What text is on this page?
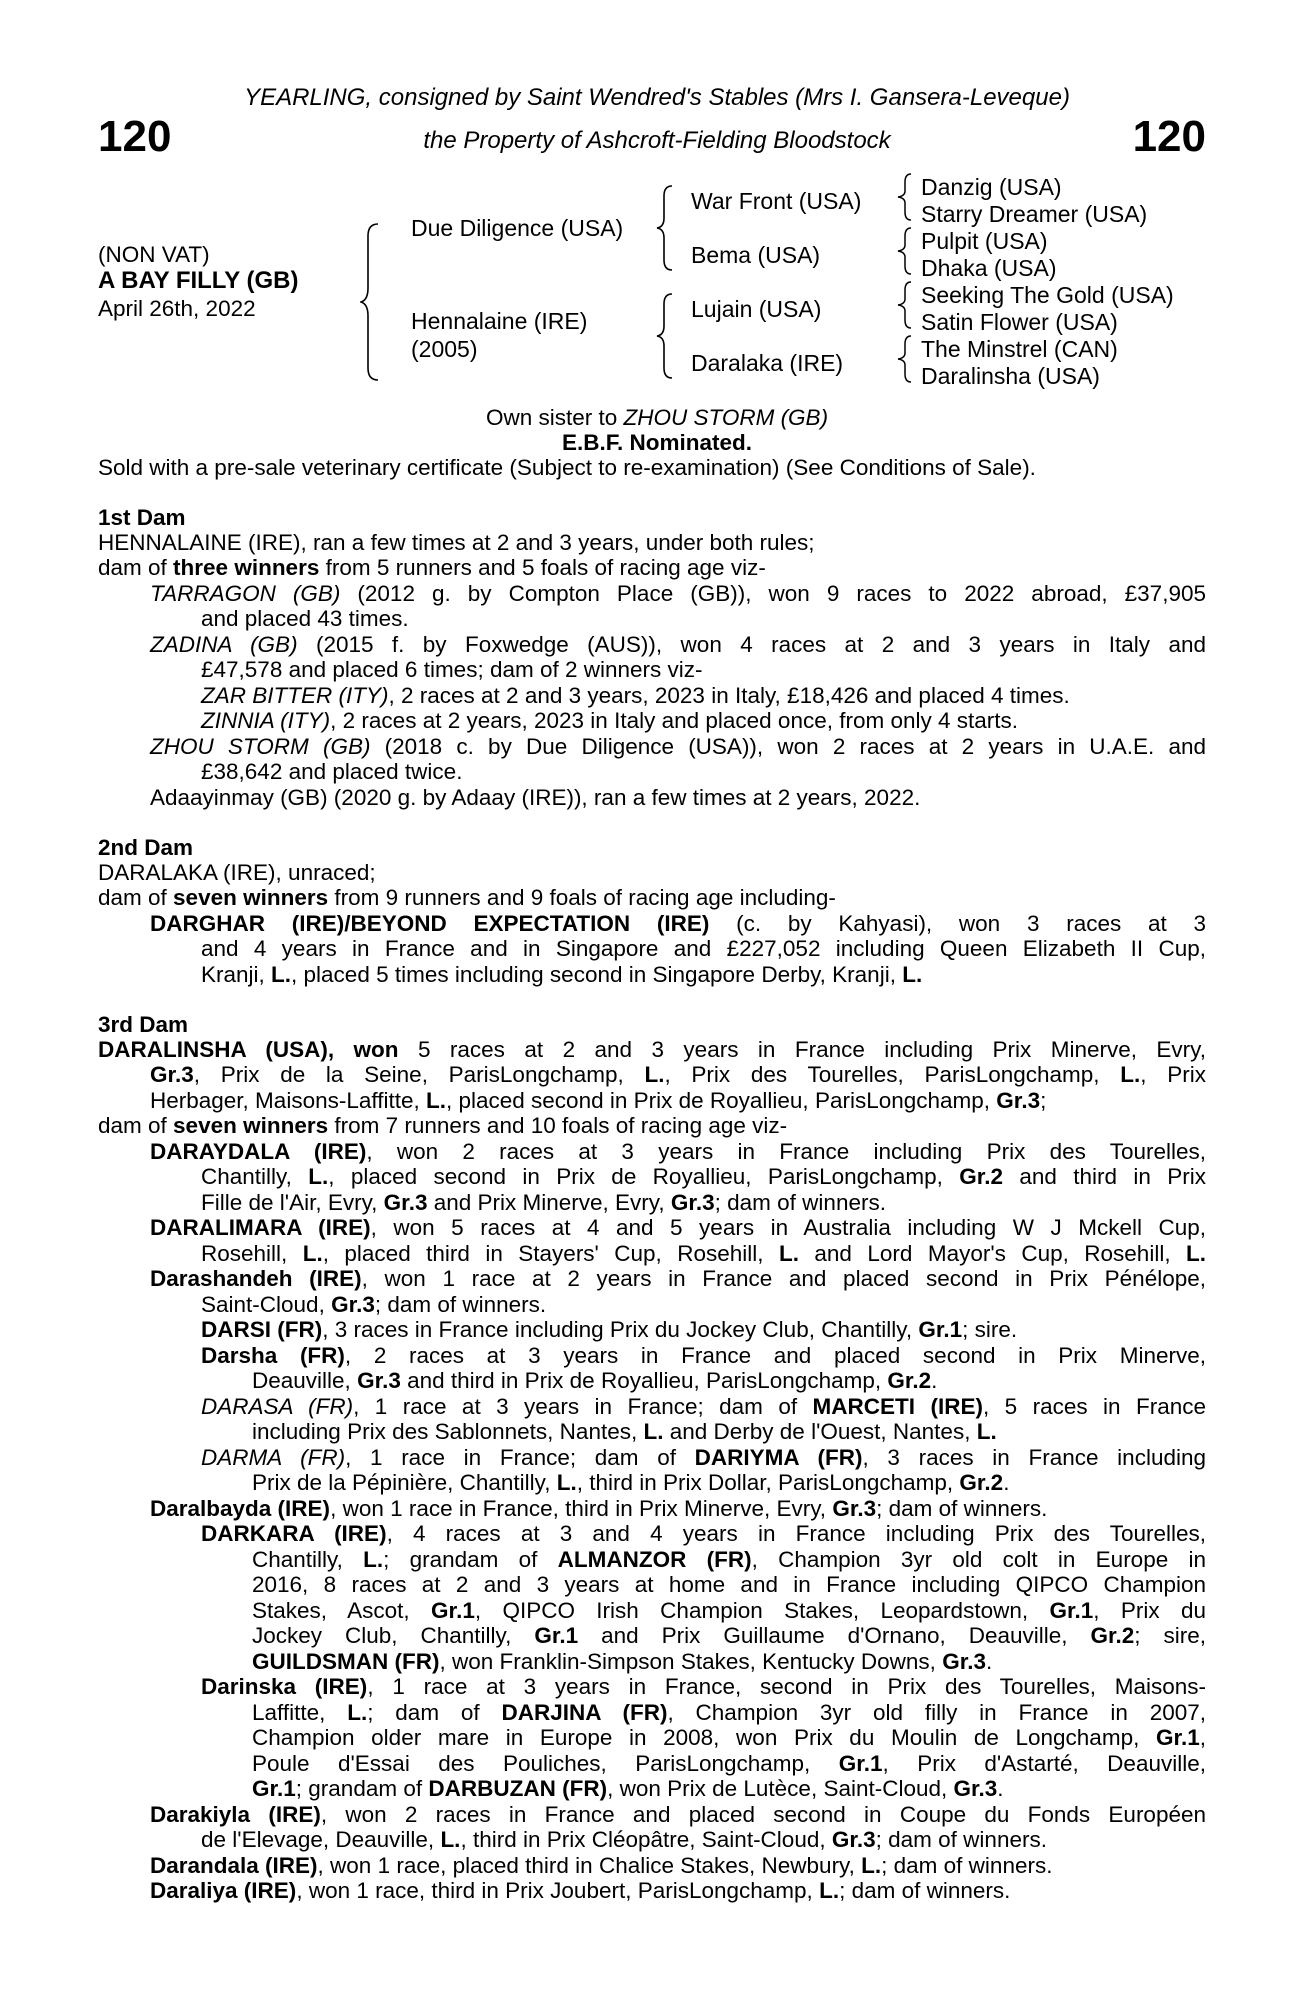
YEARLING, consigned by Saint Wendred's Stables (Mrs I. Gansera-Leveque)
the Property of Ashcroft-Fielding Bloodstock
120	120
(NON VAT)
A BAY FILLY (GB)
April 26th, 2022
Due Diligence (USA)
Hennalaine (IRE)
(2005)
War Front (USA)
Bema (USA)
Lujain (USA)
Daralaka (IRE)
Danzig (USA)
Starry Dreamer (USA)
Pulpit (USA)
Dhaka (USA)
Seeking The Gold (USA)
Satin Flower (USA)
The Minstrel (CAN)
Daralinsha (USA)
Own sister to ZHOU STORM (GB)
E.B.F. Nominated.
Sold with a pre-sale veterinary certificate (Subject to re-examination) (See Conditions of Sale).
1st Dam
HENNALAINE (IRE), ran a few times at 2 and 3 years, under both rules;
dam of three winners from 5 runners and 5 foals of racing age viz-
TARRAGON (GB) (2012 g. by Compton Place (GB)), won 9 races to 2022 abroad, £37,905
and placed 43 times.
ZADINA (GB) (2015 f. by Foxwedge (AUS)), won 4 races at 2 and 3 years in Italy and
£47,578 and placed 6 times; dam of 2 winners viz-
ZAR BITTER (ITY), 2 races at 2 and 3 years, 2023 in Italy, £18,426 and placed 4 times.
ZINNIA (ITY), 2 races at 2 years, 2023 in Italy and placed once, from only 4 starts.
ZHOU STORM (GB) (2018 c. by Due Diligence (USA)), won 2 races at 2 years in U.A.E. and
£38,642 and placed twice.
Adaayinmay (GB) (2020 g. by Adaay (IRE)), ran a few times at 2 years, 2022.
2nd Dam
DARALAKA (IRE), unraced;
dam of seven winners from 9 runners and 9 foals of racing age including-
DARGHAR (IRE)/BEYOND EXPECTATION (IRE) (c. by Kahyasi), won 3 races at 3
and 4 years in France and in Singapore and £227,052 including Queen Elizabeth II Cup,
Kranji, L., placed 5 times including second in Singapore Derby, Kranji, L.
3rd Dam
DARALINSHA (USA), won 5 races at 2 and 3 years in France including Prix Minerve, Evry,
Gr.3, Prix de la Seine, ParisLongchamp, L., Prix des Tourelles, ParisLongchamp, L., Prix
Herbager, Maisons-Laffitte, L., placed second in Prix de Royallieu, ParisLongchamp, Gr.3;
dam of seven winners from 7 runners and 10 foals of racing age viz-
DARAYDALA (IRE), won 2 races at 3 years in France including Prix des Tourelles,
Chantilly, L., placed second in Prix de Royallieu, ParisLongchamp, Gr.2 and third in Prix
Fille de l'Air, Evry, Gr.3 and Prix Minerve, Evry, Gr.3; dam of winners.
DARALIMARA (IRE), won 5 races at 4 and 5 years in Australia including W J Mckell Cup,
Rosehill, L., placed third in Stayers' Cup, Rosehill, L. and Lord Mayor's Cup, Rosehill, L.
Darashandeh (IRE), won 1 race at 2 years in France and placed second in Prix Pénélope,
Saint-Cloud, Gr.3; dam of winners.
DARSI (FR), 3 races in France including Prix du Jockey Club, Chantilly, Gr.1; sire.
Darsha (FR), 2 races at 3 years in France and placed second in Prix Minerve,
Deauville, Gr.3 and third in Prix de Royallieu, ParisLongchamp, Gr.2.
DARASA (FR), 1 race at 3 years in France; dam of MARCETI (IRE), 5 races in France
including Prix des Sablonnets, Nantes, L. and Derby de l'Ouest, Nantes, L.
DARMA (FR), 1 race in France; dam of DARIYMA (FR), 3 races in France including
Prix de la Pépinière, Chantilly, L., third in Prix Dollar, ParisLongchamp, Gr.2.
Daralbayda (IRE), won 1 race in France, third in Prix Minerve, Evry, Gr.3; dam of winners.
DARKARA (IRE), 4 races at 3 and 4 years in France including Prix des Tourelles,
Chantilly, L.; grandam of ALMANZOR (FR), Champion 3yr old colt in Europe in
2016, 8 races at 2 and 3 years at home and in France including QIPCO Champion
Stakes, Ascot, Gr.1, QIPCO Irish Champion Stakes, Leopardstown, Gr.1, Prix du
Jockey Club, Chantilly, Gr.1 and Prix Guillaume d'Ornano, Deauville, Gr.2; sire,
GUILDSMAN (FR), won Franklin-Simpson Stakes, Kentucky Downs, Gr.3.
Darinska (IRE), 1 race at 3 years in France, second in Prix des Tourelles, Maisons-
Laffitte, L.; dam of DARJINA (FR), Champion 3yr old filly in France in 2007,
Champion older mare in Europe in 2008, won Prix du Moulin de Longchamp, Gr.1,
Poule d'Essai des Pouliches, ParisLongchamp, Gr.1, Prix d'Astarté, Deauville,
Gr.1; grandam of DARBUZAN (FR), won Prix de Lutèce, Saint-Cloud, Gr.3.
Darakiyla (IRE), won 2 races in France and placed second in Coupe du Fonds Européen
de l'Elevage, Deauville, L., third in Prix Cléopâtre, Saint-Cloud, Gr.3; dam of winners.
Darandala (IRE), won 1 race, placed third in Chalice Stakes, Newbury, L.; dam of winners.
Daraliya (IRE), won 1 race, third in Prix Joubert, ParisLongchamp, L.; dam of winners.
